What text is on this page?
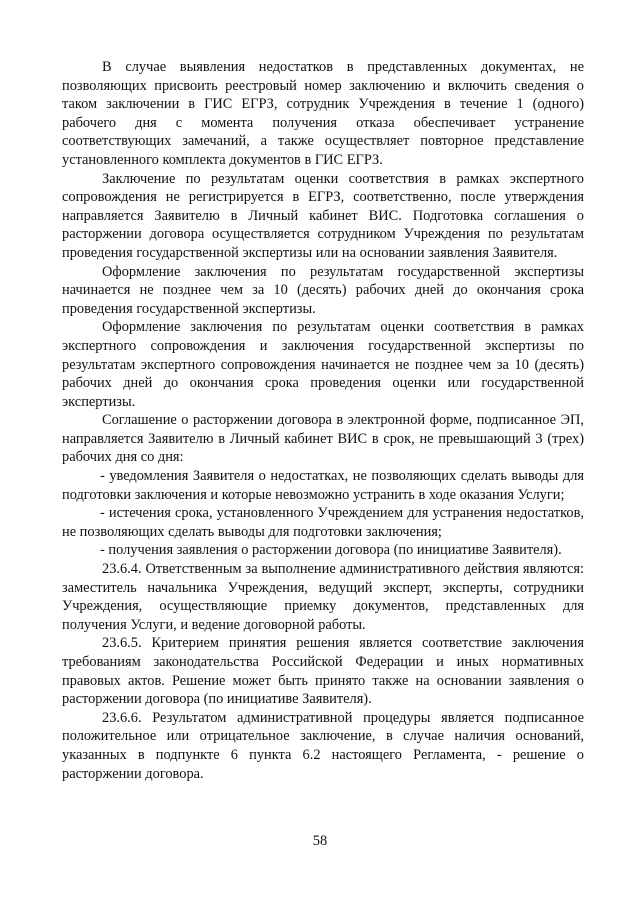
В случае выявления недостатков в представленных документах, не позволяющих присвоить реестровый номер заключению и включить сведения о таком заключении в ГИС ЕГРЗ, сотрудник Учреждения в течение 1 (одного) рабочего дня с момента получения отказа обеспечивает устранение соответствующих замечаний, а также осуществляет повторное представление установленного комплекта документов в ГИС ЕГРЗ.

Заключение по результатам оценки соответствия в рамках экспертного сопровождения не регистрируется в ЕГРЗ, соответственно, после утверждения направляется Заявителю в Личный кабинет ВИС. Подготовка соглашения о расторжении договора осуществляется сотрудником Учреждения по результатам проведения государственной экспертизы или на основании заявления Заявителя.

Оформление заключения по результатам государственной экспертизы начинается не позднее чем за 10 (десять) рабочих дней до окончания срока проведения государственной экспертизы.

Оформление заключения по результатам оценки соответствия в рамках экспертного сопровождения и заключения государственной экспертизы по результатам экспертного сопровождения начинается не позднее чем за 10 (десять) рабочих дней до окончания срока проведения оценки или государственной экспертизы.

Соглашение о расторжении договора в электронной форме, подписанное ЭП, направляется Заявителю в Личный кабинет ВИС в срок, не превышающий 3 (трех) рабочих дня со дня:

- уведомления Заявителя о недостатках, не позволяющих сделать выводы для подготовки заключения и которые невозможно устранить в ходе оказания Услуги;

- истечения срока, установленного Учреждением для устранения недостатков, не позволяющих сделать выводы для подготовки заключения;

- получения заявления о расторжении договора (по инициативе Заявителя).

23.6.4. Ответственным за выполнение административного действия являются: заместитель начальника Учреждения, ведущий эксперт, эксперты, сотрудники Учреждения, осуществляющие приемку документов, представленных для получения Услуги, и ведение договорной работы.

23.6.5. Критерием принятия решения является соответствие заключения требованиям законодательства Российской Федерации и иных нормативных правовых актов. Решение может быть принято также на основании заявления о расторжении договора (по инициативе Заявителя).

23.6.6. Результатом административной процедуры является подписанное положительное или отрицательное заключение, в случае наличия оснований, указанных в подпункте 6 пункта 6.2 настоящего Регламента, - решение о расторжении договора.

58
